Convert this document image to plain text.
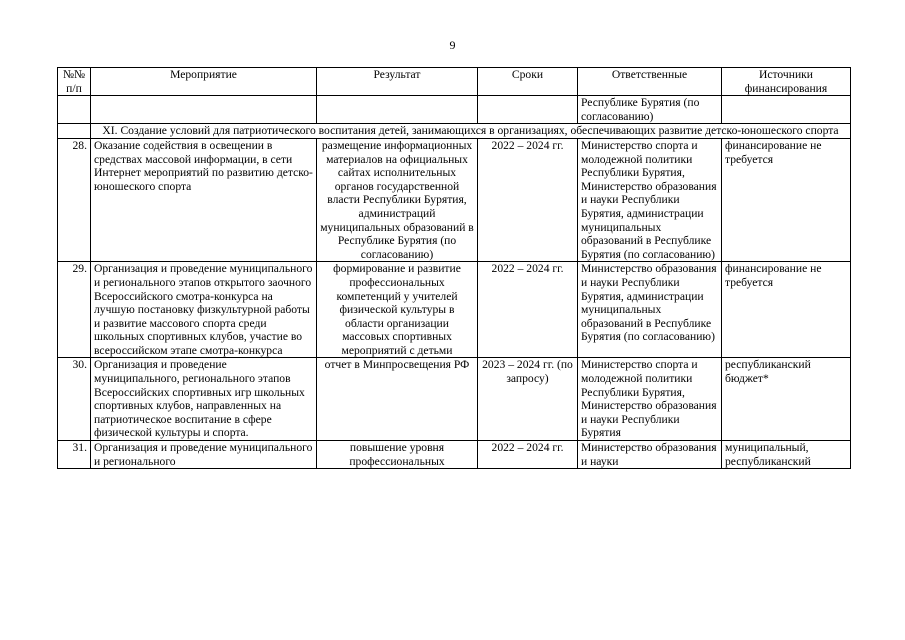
9
№№ п/п	Мероприятие	Результат	Сроки	Ответственные	Источники финансирования
				Республике Бурятия (по согласованию)	
	XI. Создание условий для патриотического воспитания детей, занимающихся в организациях, обеспечивающих развитие детско-юношеского спорта				
28.	Оказание содействия в освещении в средствах массовой информации, в сети Интернет мероприятий по развитию детско-юношеского спорта	размещение информационных материалов на официальных сайтах исполнительных органов государственной власти Республики Бурятия, администраций муниципальных образований в Республике Бурятия (по согласованию)	2022 – 2024 гг.	Министерство спорта и молодежной политики Республики Бурятия, Министерство образования и науки Республики Бурятия, администрации муниципальных образований в Республике Бурятия (по согласованию)	финансирование не требуется
29.	Организация и проведение муниципального и регионального этапов открытого заочного Всероссийского смотра-конкурса на лучшую постановку физкультурной работы и развитие массового спорта среди школьных спортивных клубов, участие во всероссийском этапе смотра-конкурса	формирование и развитие профессиональных компетенций у учителей физической культуры в области организации массовых спортивных мероприятий с детьми	2022 – 2024 гг.	Министерство образования и науки Республики Бурятия, администрации муниципальных образований в Республике Бурятия (по согласованию)	финансирование не требуется
30.	Организация и проведение муниципального, регионального этапов Всероссийских спортивных игр школьных спортивных клубов, направленных на патриотическое воспитание в сфере физической культуры и спорта.	отчет в Минпросвещения РФ	2023 – 2024 гг. (по запросу)	Министерство спорта и молодежной политики Республики Бурятия, Министерство образования и науки Республики Бурятия	республиканский бюджет*
31.	Организация и проведение муниципального и регионального	повышение уровня профессиональных	2022 – 2024 гг.	Министерство образования и науки	муниципальный, республиканский
